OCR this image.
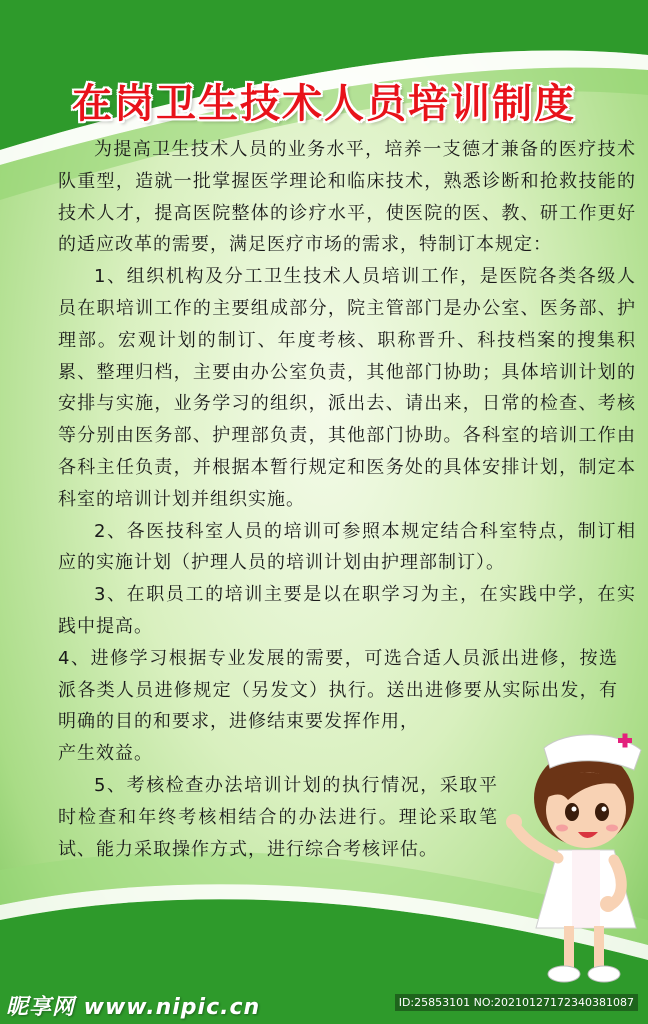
在岗卫生技术人员培训制度

为提高卫生技术人员的业务水平，培养一支德才兼备的医疗技术队重型，造就一批掌握医学理论和临床技术，熟悉诊断和抢救技能的技术人才，提高医院整体的诊疗水平，使医院的医、教、研工作更好的适应改革的需要，满足医疗市场的需求，特制订本规定：

1、组织机构及分工卫生技术人员培训工作，是医院各类各级人员在职培训工作的主要组成部分，院主管部门是办公室、医务部、护理部。宏观计划的制订、年度考核、职称晋升、科技档案的搜集积累、整理归档，主要由办公室负责，其他部门协助；具体培训计划的安排与实施，业务学习的组织，派出去、请出来，日常的检查、考核等分别由医务部、护理部负责，其他部门协助。各科室的培训工作由各科主任负责，并根据本暂行规定和医务处的具体安排计划，制定本科室的培训计划并组织实施。

2、各医技科室人员的培训可参照本规定结合科室特点，制订相应的实施计划（护理人员的培训计划由护理部制订）。

3、在职员工的培训主要是以在职学习为主，在实践中学，在实践中提高。

4、进修学习根据专业发展的需要，可选合适人员派出进修，按选派各类人员进修规定（另发文）执行。送出进修要从实际出发，有明确的目的和要求，进修结束要发挥作用，

产生效益。

5、考核检查办法培训计划的执行情况，采取平时检查和年终考核相结合的办法进行。理论采取笔试、能力采取操作方式，进行综合考核评估。

昵享网 www.nipic.cn	ID:25853101 NO:20210127172340381087
